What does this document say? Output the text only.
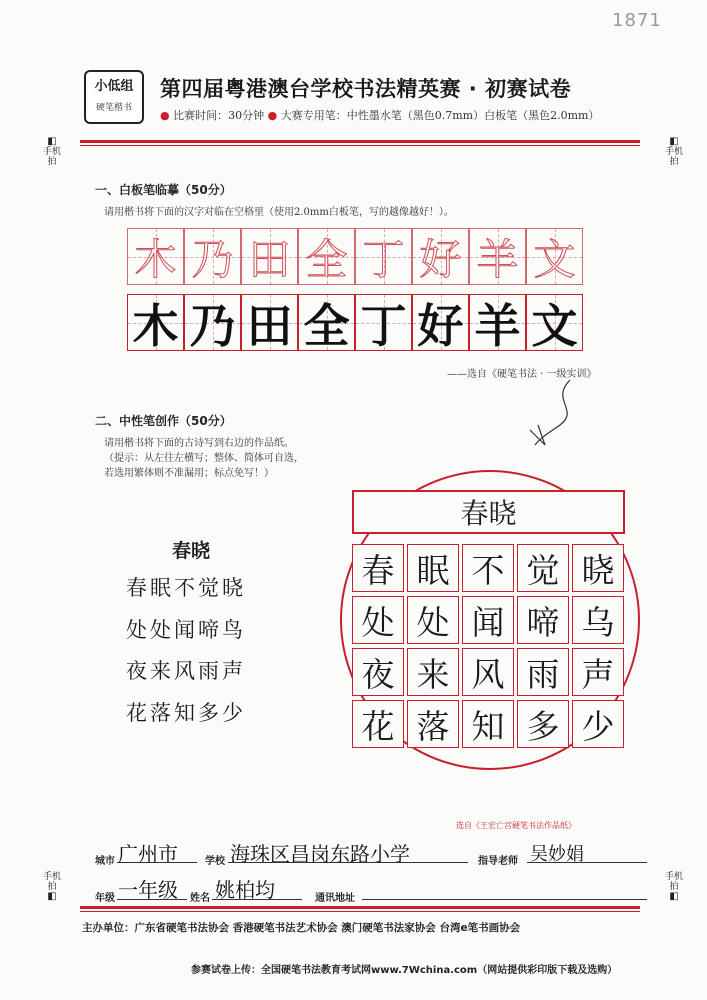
1871
小低组
硬笔楷书
第四届粤港澳台学校书法精英赛 · 初赛试卷
● 比赛时间：30分钟 ● 大赛专用笔：中性墨水笔（黑色0.7mm）白板笔（黑色2.0mm）
◧
手机拍
◧
手机拍
一、白板笔临摹（50分）
请用楷书将下面的汉字对临在空格里（使用2.0mm白板笔，写的越像越好！）。
木 乃 田 全 丁 好 羊 文
木 乃 田 全 丁 好 羊 文
——选自《硬笔书法 · 一级实训》
二、中性笔创作（50分）
请用楷书将下面的古诗写到右边的作品纸。
（提示：从左往左横写；整体、简体可自选，
若选用繁体则不准漏用；标点免写！）
春晓
春眠不觉晓
处处闻啼鸟
夜来风雨声
花落知多少
春晓
春 眠 不 觉 晓
处 处 闻 啼 乌
夜 来 风 雨 声
花 落 知 多 少
选自《王宏亡宫硬笔书法作品纸》
城市 广州市	学校 海珠区昌岗东路小学	指导老师 吴妙娟
年级 一年级 姓名 姚柏均	通讯地址
手机拍
◧
手机拍
◧
主办单位：广东省硬笔书法协会 香港硬笔书法艺术协会 澳门硬笔书法家协会 台湾e笔书画协会
参赛试卷上传：全国硬笔书法教育考试网www.7Wchina.com（网站提供彩印版下载及选购）
